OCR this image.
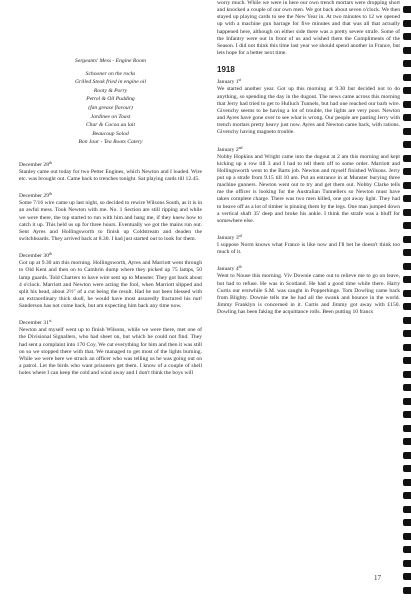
Sergeants' Mess - Engine Room
Schooner on the rocks
Grilled Steak fried in engine oil
Rooty & Porry
Petrol & Oil Pudding
(fan grease flavour)
Jardinee on Toast
Char & Cocoa au lait
Beaucoup Solod
Bon Jour - Tea Roots Catery

December 28th

Stanley came out today for two Petter Engines, which Newton and I loaded. Wire etc. was brought out. Came back to trenches tonight. Sat playing cards till 12.45.

December 29th

Some 7/16 wire came up last night, so decided to rewire Wilsons South, as it is in an awful mess. Took Newton with me. No. 1 Section are still ripping and while we were there, the top started to run with him and hang me, if they knew how to catch it up. This held us up for three hours. Eventually we got the mains run out. Sent Ayres and Hollingsworth to finish up Coldstream and deaden the switchboards. They arrived back at 8.30. I had just started out to look for them.

December 30th

Got up at 9.30 am this morning. Hollingsworth, Ayres and Marriott went through to Old Kent and then on to Cambrin dump where they picked up 75 lamps, 50 lamp guards. Told Charters to have wire sent up to Munster. They got back about 4 o'clock. Marriott and Newton were acting the fool, when Marriott slipped and split his head, about 2½" of a cut being the result. Had he not been blessed with an extraordinary thick skull, he would have most assuredly fractured his nut! Sanderson has not come back, but am expecting him back any time now.

December 31st

Newton and myself went up to finish Wilsons, while we were there, met one of the Divisional Signallers, who had sheet on, but which he could not find. They had sent a complaint into 170 Coy. We cut everything for him and then it was still on so we stopped there with that. We managed to get most of the lights burning. While we were here we struck an officer who was telling us he was going out on a patrol. Let the birds who want prisoners get them. I know of a couple of shell holes where I can keep the cold and wind away and I don't think the boys will

worry much. While we were in here our own trench mortars were dropping short and knocked a couple of our own men. We got back about seven o'clock. We then stayed up playing cards to see the New Year in. At two minutes to 12 we opened up with a machine gun barrage for five minutes and that was all that actually happened here, although on either side there was a pretty severe strafe. Some of the Infantry were out in front of us and wished them the Compliments of the Season. I did not think this time last year we should spend another in France, but lets hope for a better next time.

1918

January 1st

We started another year. Got up this morning at 9.30 but decided not to do anything, so spending the day in the dugout. The news came across this morning that Jerry had tried to get to Hulluch Tunnels, but had one reached our barb wire. Givenchy seems to be having a lot of trouble, the lights are very poor. Newton and Ayres have gone over to see what is wrong. Our people are pasting Jerry with trench mortars pretty heavy just now. Ayres and Newton came back, with rations. Givenchy having magneto trouble.

January 2nd

Nobby Hopkins and Wright came into the dugout at 2 am this morning and kept kicking up a row till 3 and I had to tell them off to some order. Marriott and Hollingsworth went to the Barts job. Newton and myself finished Wilsons. Jerry put up a strafe from 9.15 till 10 am. Put an entrance in at Munster burying three machine gunners. Newton went out to try and get them out. Nobby Clarke tells me the officer is looking for the Australian Tunnellers so Newton must have taken complete charge. There was two men killed, one got away light. They had to heave off as a lot of timber is pinning them by the legs. One man jumped down a vertical shaft 35' deep and broke his ankle. I think the strafe was a bluff for somewhere else.

January 3rd

I suppose Norm knows what France is like now and I'll bet he doesn't think too much of it.

January 4th

Went to Nouse this morning. Viv Downie came out to relieve me to go on leave, but had to refuse. He was in Scotland. He had a good time while there. Harry Curtis our erstwhile S.M. was caught in Popperhinge. Tom Dowling came back from Blighty. Downie tells me he had all the swank and bounce in the world. Jimmy Franklyn is concerned in it. Curtis and Jimmy got away with £150. Dowling has been faking the acquittance rolls. Been putting 10 francs

17
